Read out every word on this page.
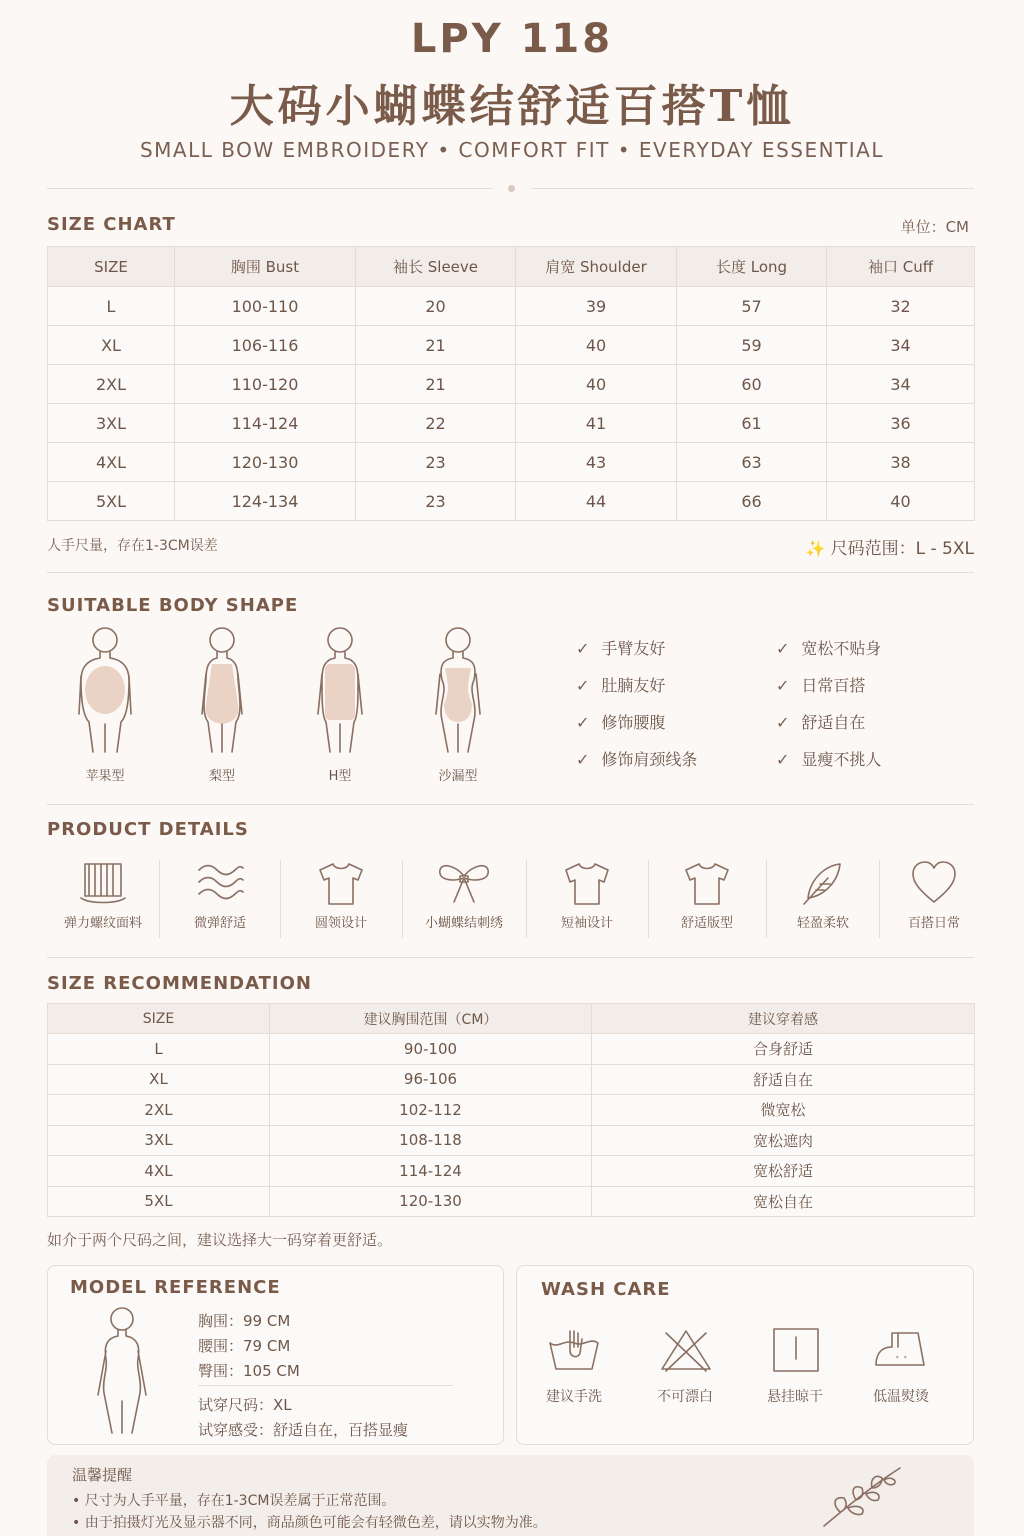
LPY 118
大码小蝴蝶结舒适百搭T恤
SMALL BOW EMBROIDERY • COMFORT FIT • EVERYDAY ESSENTIAL
SIZE CHART	单位：CM
SIZE	胸围 Bust	袖长 Sleeve	肩宽 Shoulder	长度 Long	袖口 Cuff
L	100-110	20	39	57	32
XL	106-116	21	40	59	34
2XL	110-120	21	40	60	34
3XL	114-124	22	41	61	36
4XL	120-130	23	43	63	38
5XL	124-134	23	44	66	40
人手尺量，存在1-3CM误差	✨ 尺码范围：L - 5XL
SUITABLE BODY SHAPE
苹果型	梨型	H型	沙漏型
✓ 手臂友好
✓ 肚腩友好
✓ 修饰腰腹
✓ 修饰肩颈线条
✓ 宽松不贴身
✓ 日常百搭
✓ 舒适自在
✓ 显瘦不挑人
PRODUCT DETAILS
弹力螺纹面料	微弹舒适	圆领设计	小蝴蝶结刺绣	短袖设计	舒适版型	轻盈柔软	百搭日常
SIZE RECOMMENDATION
SIZE	建议胸围范围（CM）	建议穿着感
L	90-100	合身舒适
XL	96-106	舒适自在
2XL	102-112	微宽松
3XL	108-118	宽松遮肉
4XL	114-124	宽松舒适
5XL	120-130	宽松自在
如介于两个尺码之间，建议选择大一码穿着更舒适。
MODEL REFERENCE
胸围：99 CM
腰围：79 CM
臀围：105 CM
试穿尺码：XL
试穿感受：舒适自在，百搭显瘦
WASH CARE
建议手洗	不可漂白	悬挂晾干	低温熨烫
温馨提醒
• 尺寸为人手平量，存在1-3CM误差属于正常范围。
• 由于拍摄灯光及显示器不同，商品颜色可能会有轻微色差，请以实物为准。
